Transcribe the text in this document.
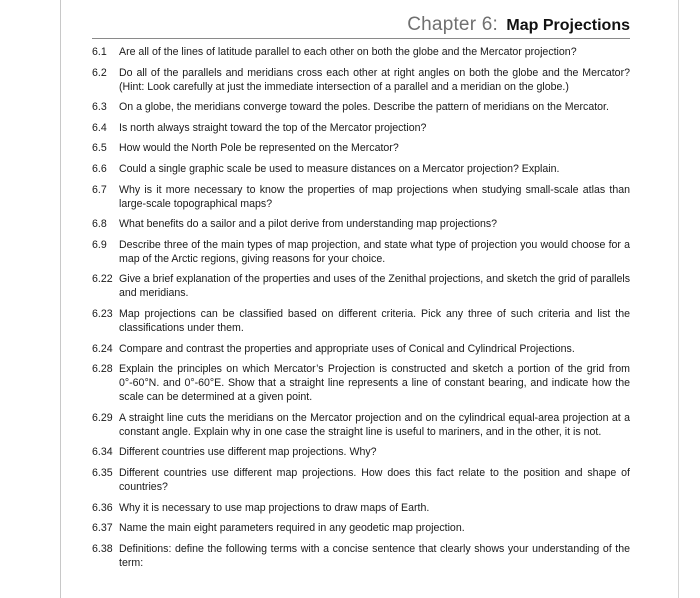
Chapter 6: Map Projections
6.1	Are all of the lines of latitude parallel to each other on both the globe and the Mercator projection?
6.2	Do all of the parallels and meridians cross each other at right angles on both the globe and the Mercator? (Hint: Look carefully at just the immediate intersection of a parallel and a meridian on the globe.)
6.3	On a globe, the meridians converge toward the poles. Describe the pattern of meridians on the Mercator.
6.4	Is north always straight toward the top of the Mercator projection?
6.5	How would the North Pole be represented on the Mercator?
6.6	Could a single graphic scale be used to measure distances on a Mercator projection? Explain.
6.7	Why is it more necessary to know the properties of map projections when studying small-scale atlas than large-scale topographical maps?
6.8	What benefits do a sailor and a pilot derive from understanding map projections?
6.9	Describe three of the main types of map projection, and state what type of projection you would choose for a map of the Arctic regions, giving reasons for your choice.
6.22 Give a brief explanation of the properties and uses of the Zenithal projections, and sketch the grid of parallels and meridians.
6.23 Map projections can be classified based on different criteria. Pick any three of such criteria and list the classifications under them.
6.24 Compare and contrast the properties and appropriate uses of Conical and Cylindrical Projections.
6.28 Explain the principles on which Mercator’s Projection is constructed and sketch a portion of the grid from 0°-60°N. and 0°-60°E. Show that a straight line represents a line of constant bearing, and indicate how the scale can be determined at a given point.
6.29 A straight line cuts the meridians on the Mercator projection and on the cylindrical equal-area projection at a constant angle. Explain why in one case the straight line is useful to mariners, and in the other, it is not.
6.34 Different countries use different map projections. Why?
6.35 Different countries use different map projections. How does this fact relate to the position and shape of countries?
6.36 Why it is necessary to use map projections to draw maps of Earth.
6.37 Name the main eight parameters required in any geodetic map projection.
6.38 Definitions: define the following terms with a concise sentence that clearly shows your understanding of the term:
